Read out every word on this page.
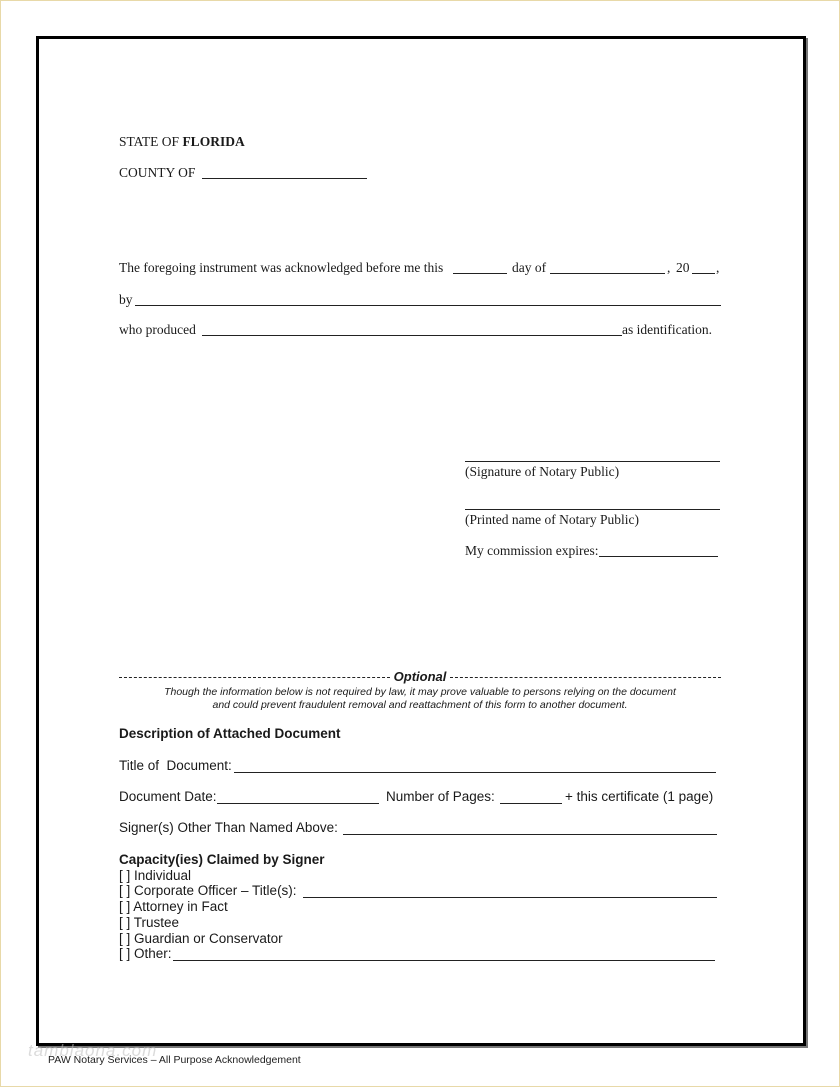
STATE OF FLORIDA
COUNTY OF
The foregoing instrument was acknowledged before me this	day of	, 20 ,
by
who produced	as identification.
(Signature of Notary Public)
(Printed name of Notary Public)
My commission expires:
Optional
Though the information below is not required by law, it may prove valuable to persons relying on the document
and could prevent fraudulent removal and reattachment of this form to another document.
Description of Attached Document
Title of  Document:
Document Date:	Number of Pages:	+ this certificate (1 page)
Signer(s) Other Than Named Above:
Capacity(ies) Claimed by Signer
[ ] Individual
[ ] Corporate Officer – Title(s):
[ ] Attorney in Fact
[ ] Trustee
[ ] Guardian or Conservator
[ ] Other:
tamblaona.com
PAW Notary Services – All Purpose Acknowledgement
